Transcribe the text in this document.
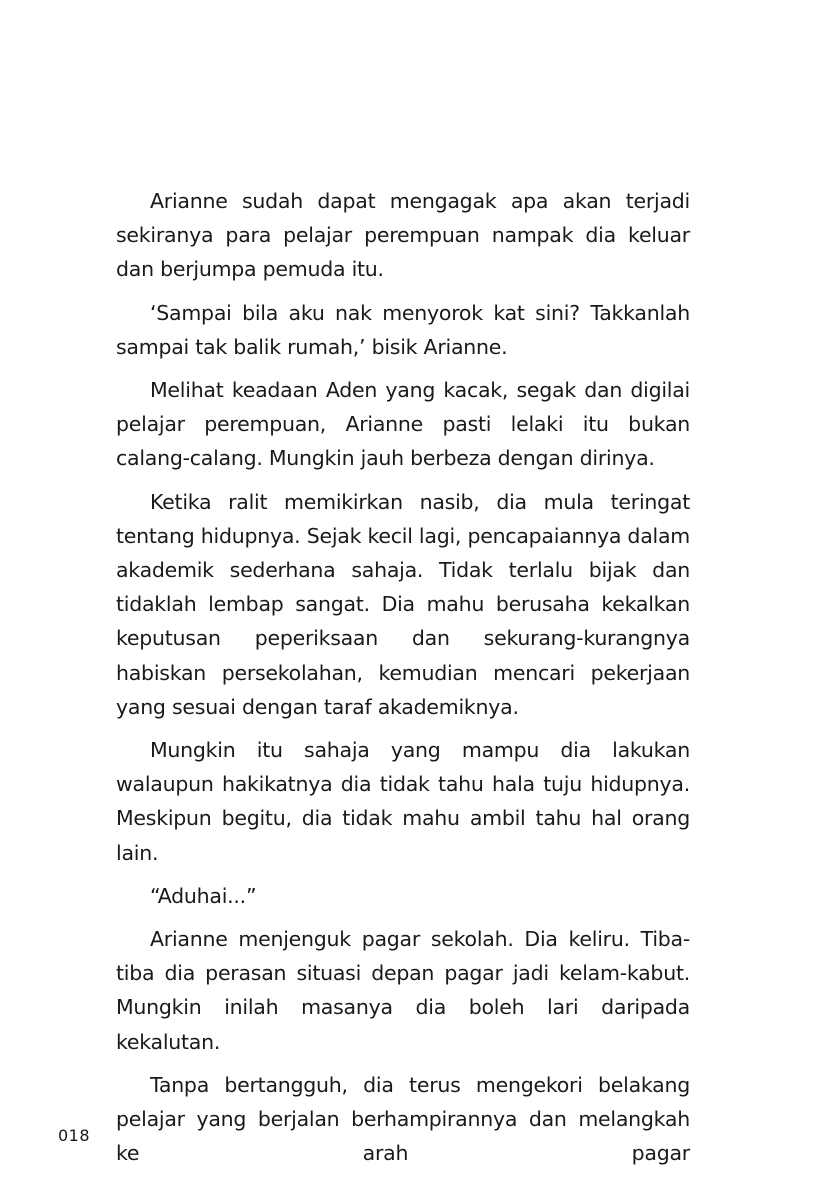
Arianne sudah dapat mengagak apa akan terjadi sekiranya para pelajar perempuan nampak dia keluar dan berjumpa pemuda itu.

‘Sampai bila aku nak menyorok kat sini? Takkanlah sampai tak balik rumah,’ bisik Arianne.

Melihat keadaan Aden yang kacak, segak dan digilai pelajar perempuan, Arianne pasti lelaki itu bukan calang-calang. Mungkin jauh berbeza dengan dirinya.

Ketika ralit memikirkan nasib, dia mula teringat tentang hidupnya. Sejak kecil lagi, pencapaiannya dalam akademik sederhana sahaja. Tidak terlalu bijak dan tidaklah lembap sangat. Dia mahu berusaha kekalkan keputusan peperiksaan dan sekurang-kurangnya habiskan persekolahan, kemudian mencari pekerjaan yang sesuai dengan taraf akademiknya.

Mungkin itu sahaja yang mampu dia lakukan walaupun hakikatnya dia tidak tahu hala tuju hidupnya. Meskipun begitu, dia tidak mahu ambil tahu hal orang lain.

“Aduhai...”

Arianne menjenguk pagar sekolah. Dia keliru. Tiba-tiba dia perasan situasi depan pagar jadi kelam-kabut. Mungkin inilah masanya dia boleh lari daripada kekalutan.

Tanpa bertangguh, dia terus mengekori belakang pelajar yang berjalan berhampirannya dan melangkah ke arah pagar

018
